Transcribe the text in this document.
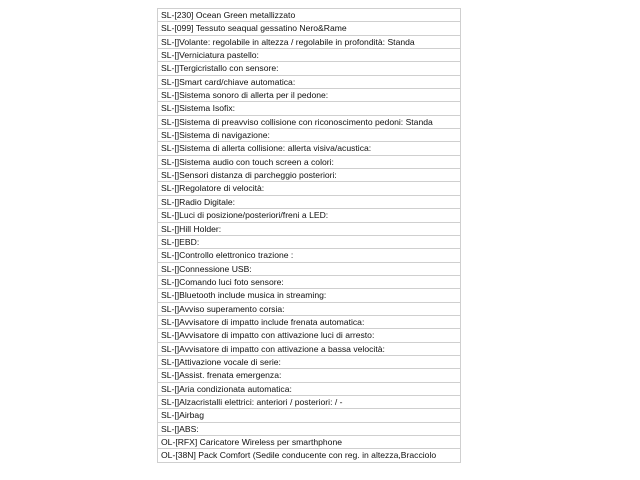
SL-[230] Ocean Green metallizzato
SL-[099] Tessuto seaqual gessatino Nero&Rame
SL-[]Volante: regolabile in altezza / regolabile in profondità: Standa
SL-[]Verniciatura pastello:
SL-[]Tergicristallo con sensore:
SL-[]Smart card/chiave automatica:
SL-[]Sistema sonoro di allerta per il pedone:
SL-[]Sistema Isofix:
SL-[]Sistema di preavviso collisione con riconoscimento pedoni: Standa
SL-[]Sistema di navigazione:
SL-[]Sistema di allerta collisione: allerta visiva/acustica:
SL-[]Sistema audio con touch screen a colori:
SL-[]Sensori distanza di parcheggio posteriori:
SL-[]Regolatore di velocità:
SL-[]Radio Digitale:
SL-[]Luci di posizione/posteriori/freni a LED:
SL-[]Hill Holder:
SL-[]EBD:
SL-[]Controllo elettronico trazione :
SL-[]Connessione USB:
SL-[]Comando luci foto sensore:
SL-[]Bluetooth include musica in streaming:
SL-[]Avviso superamento corsia:
SL-[]Avvisatore di impatto include frenata automatica:
SL-[]Avvisatore di impatto con attivazione luci di arresto:
SL-[]Avvisatore di impatto con attivazione a bassa velocità:
SL-[]Attivazione vocale di serie:
SL-[]Assist. frenata emergenza:
SL-[]Aria condizionata automatica:
SL-[]Alzacristalli elettrici: anteriori / posteriori: / -
SL-[]Airbag
SL-[]ABS:
OL-[RFX] Caricatore Wireless per smarthphone
OL-[38N] Pack Comfort (Sedile conducente con reg. in altezza,Bracciolo
